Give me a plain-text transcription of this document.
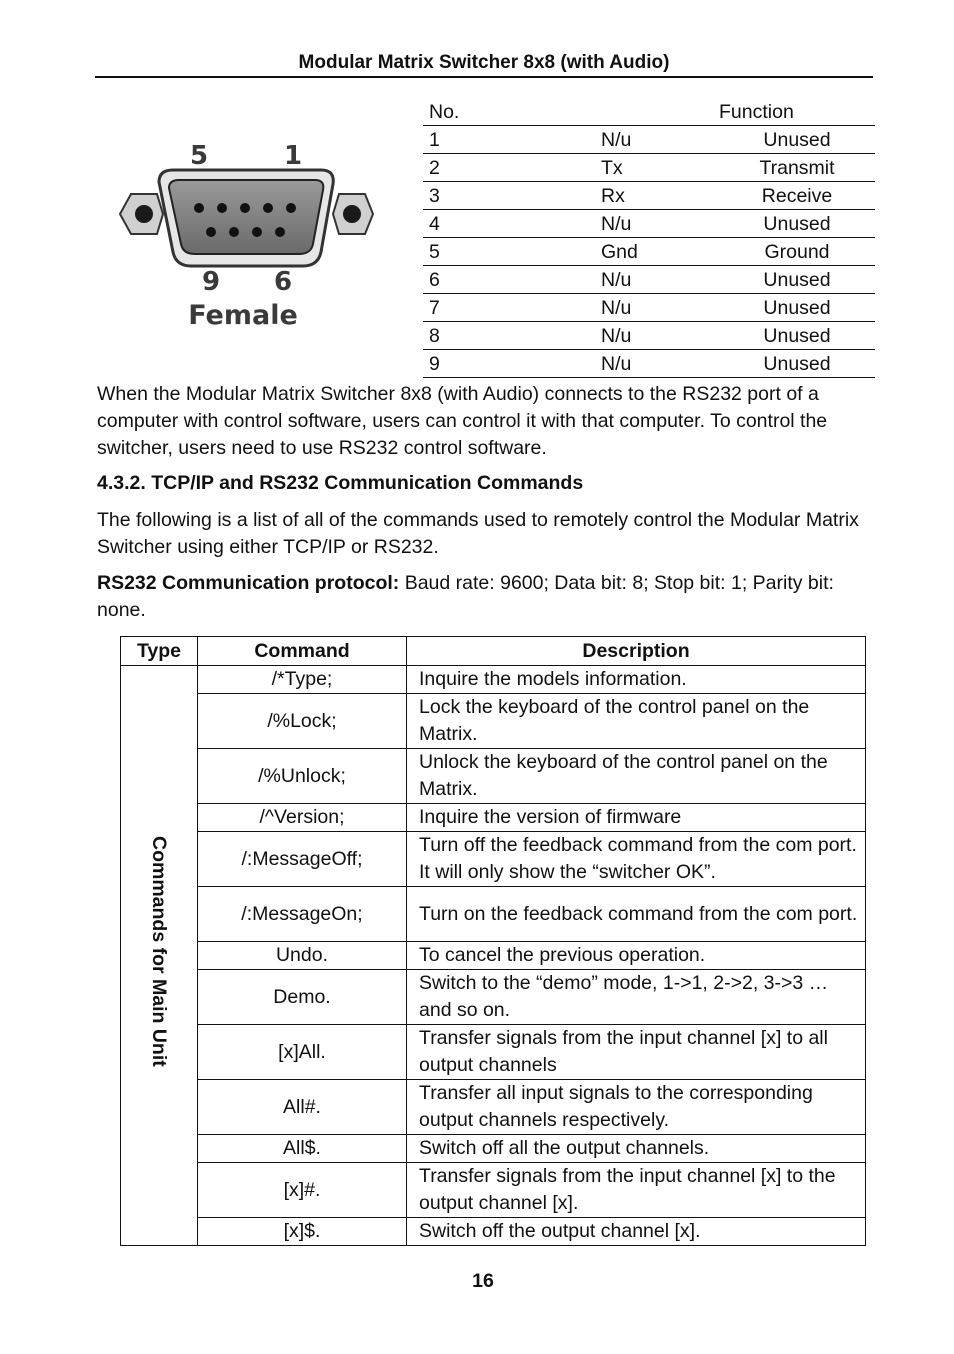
Modular Matrix Switcher 8x8 (with Audio)
5	1
9 6
Female
No.		Function
1	N/u	Unused
2	Tx	Transmit
3	Rx	Receive
4	N/u	Unused
5	Gnd	Ground
6	N/u	Unused
7	N/u	Unused
8	N/u	Unused
9	N/u	Unused

When the Modular Matrix Switcher 8x8 (with Audio) connects to the RS232 port of a computer with control software, users can control it with that computer. To control the switcher, users need to use RS232 control software.

4.3.2. TCP/IP and RS232 Communication Commands

The following is a list of all of the commands used to remotely control the Modular Matrix Switcher using either TCP/IP or RS232.

RS232 Communication protocol: Baud rate: 9600; Data bit: 8; Stop bit: 1; Parity bit: none.

Type	Command	Description
Commands for Main Unit	/*Type;	Inquire the models information.
	/%Lock;	Lock the keyboard of the control panel on the Matrix.
	/%Unlock;	Unlock the keyboard of the control panel on the Matrix.
	/^Version;	Inquire the version of firmware
	/:MessageOff;	Turn off the feedback command from the com port. It will only show the “switcher OK”.
	/:MessageOn;	Turn on the feedback command from the com port.
	Undo.	To cancel the previous operation.
	Demo.	Switch to the “demo” mode, 1->1, 2->2, 3->3 … and so on.
	[x]All.	Transfer signals from the input channel [x] to all output channels
	All#.	Transfer all input signals to the corresponding output channels respectively.
	All$.	Switch off all the output channels.
	[x]#.	Transfer signals from the input channel [x] to the output channel [x].
	[x]$.	Switch off the output channel [x].
16
